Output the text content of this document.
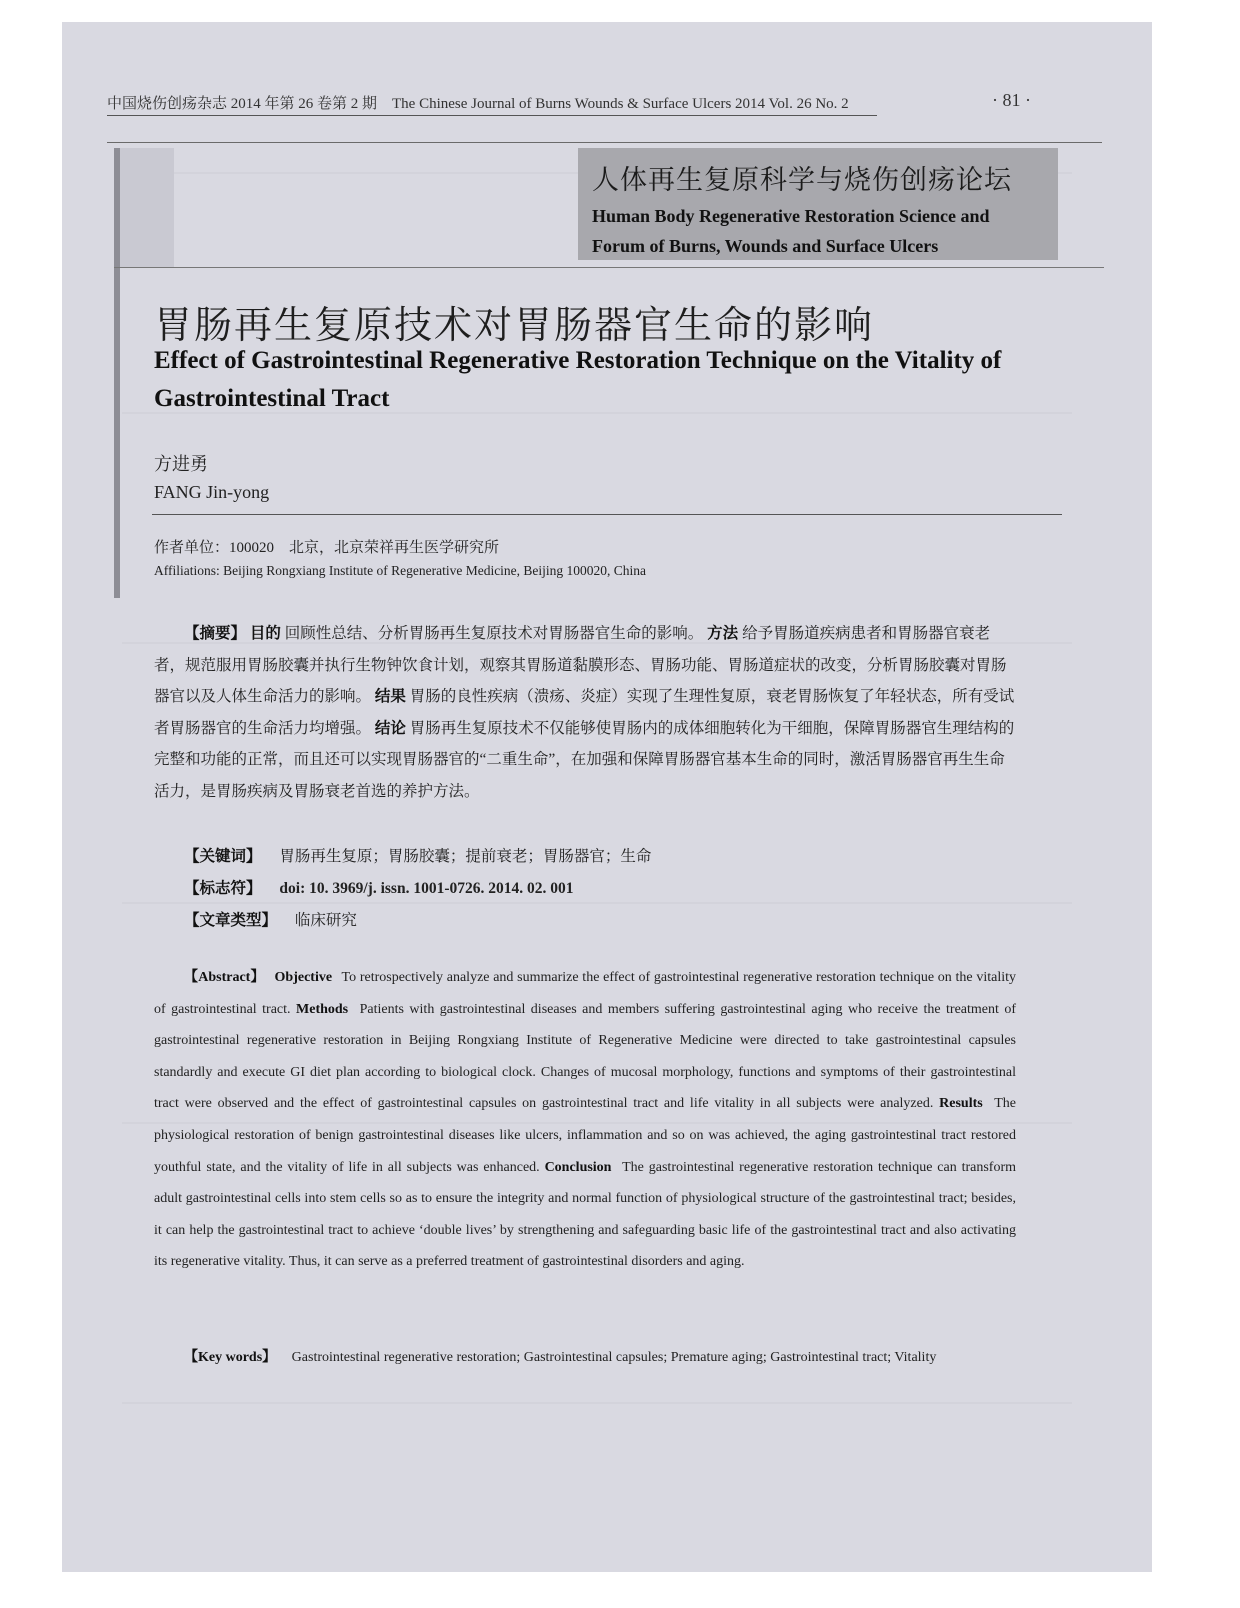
中国烧伤创疡杂志 2014 年第 26 卷第 2 期　The Chinese Journal of Burns Wounds & Surface Ulcers 2014 Vol. 26 No. 2	· 81 ·
人体再生复原科学与烧伤创疡论坛
Human Body Regenerative Restoration Science and
Forum of Burns, Wounds and Surface Ulcers
胃肠再生复原技术对胃肠器官生命的影响
Effect of Gastrointestinal Regenerative Restoration Technique on the Vitality of Gastrointestinal Tract
方进勇
FANG Jin-yong
作者单位：100020　北京，北京荣祥再生医学研究所
Affiliations: Beijing Rongxiang Institute of Regenerative Medicine, Beijing 100020, China
【摘要】 目的 回顾性总结、分析胃肠再生复原技术对胃肠器官生命的影响。 方法 给予胃肠道疾病患者和胃肠器官衰老者，规范服用胃肠胶囊并执行生物钟饮食计划，观察其胃肠道黏膜形态、胃肠功能、胃肠道症状的改变，分析胃肠胶囊对胃肠器官以及人体生命活力的影响。 结果 胃肠的良性疾病（溃疡、炎症）实现了生理性复原，衰老胃肠恢复了年轻状态，所有受试者胃肠器官的生命活力均增强。 结论 胃肠再生复原技术不仅能够使胃肠内的成体细胞转化为干细胞，保障胃肠器官生理结构的完整和功能的正常，而且还可以实现胃肠器官的“二重生命”，在加强和保障胃肠器官基本生命的同时，激活胃肠器官再生生命活力，是胃肠疾病及胃肠衰老首选的养护方法。
【关键词】 胃肠再生复原；胃肠胶囊；提前衰老；胃肠器官；生命
【标志符】 doi: 10. 3969/j. issn. 1001-0726. 2014. 02. 001
【文章类型】 临床研究
【Abstract】 Objective To retrospectively analyze and summarize the effect of gastrointestinal regenerative restoration technique on the vitality of gastrointestinal tract. Methods Patients with gastrointestinal diseases and members suffering gastrointestinal aging who receive the treatment of gastrointestinal regenerative restoration in Beijing Rongxiang Institute of Regenerative Medicine were directed to take gastrointestinal capsules standardly and execute GI diet plan according to biological clock. Changes of mucosal morphology, functions and symptoms of their gastrointestinal tract were observed and the effect of gastrointestinal capsules on gastrointestinal tract and life vitality in all subjects were analyzed. Results The physiological restoration of benign gastrointestinal diseases like ulcers, inflammation and so on was achieved, the aging gastrointestinal tract restored youthful state, and the vitality of life in all subjects was enhanced. Conclusion The gastrointestinal regenerative restoration technique can transform adult gastrointestinal cells into stem cells so as to ensure the integrity and normal function of physiological structure of the gastrointestinal tract; besides, it can help the gastrointestinal tract to achieve ‘double lives’ by strengthening and safeguarding basic life of the gastrointestinal tract and also activating its regenerative vitality. Thus, it can serve as a preferred treatment of gastrointestinal disorders and aging.
【Key words】 Gastrointestinal regenerative restoration; Gastrointestinal capsules; Premature aging; Gastrointestinal tract; Vitality
